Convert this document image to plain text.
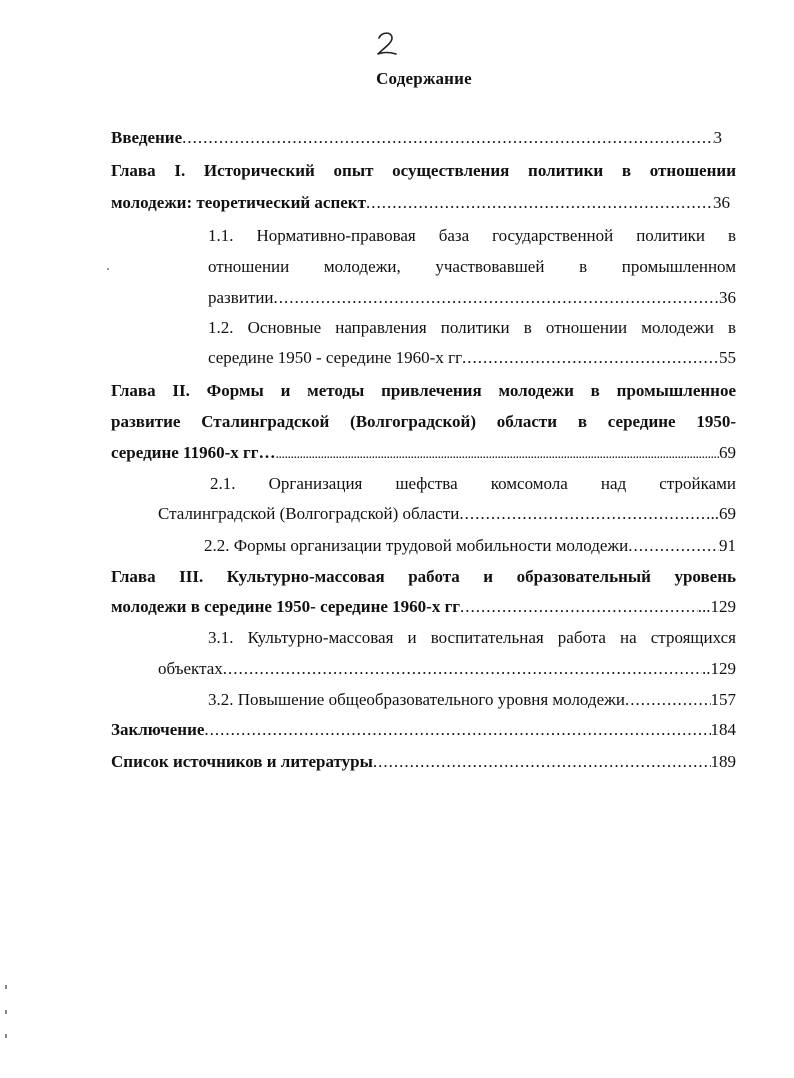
Содержание
Введение .....	3
Глава I. Исторический опыт осуществления политики в отношении
молодежи: теоретический аспект .....	36
1.1. Нормативно-правовая база государственной политики в
отношении молодежи, участвовавшей в промышленном
развитии .....	36
1.2. Основные направления политики в отношении молодежи в
середине 1950 - середине 1960-х гг .....	55
Глава II. Формы и методы привлечения молодежи в промышленное
развитие Сталинградской (Волгоградской) области в середине 1950-
середине 11960-х гг… .....	69
2.1. Организация шефства комсомола над стройками
Сталинградской (Волгоградской) области .....	..69
2.2. Формы организации трудовой мобильности молодежи .....	91
Глава III. Культурно-массовая работа и образовательный уровень
молодежи в середине 1950- середине 1960-х гг .....	...129
3.1. Культурно-массовая и воспитательная работа на строящихся
объектах .....	..129
3.2. Повышение общеобразовательного уровня молодежи .....	157
Заключение .....	184
Список источников и литературы .....	189
